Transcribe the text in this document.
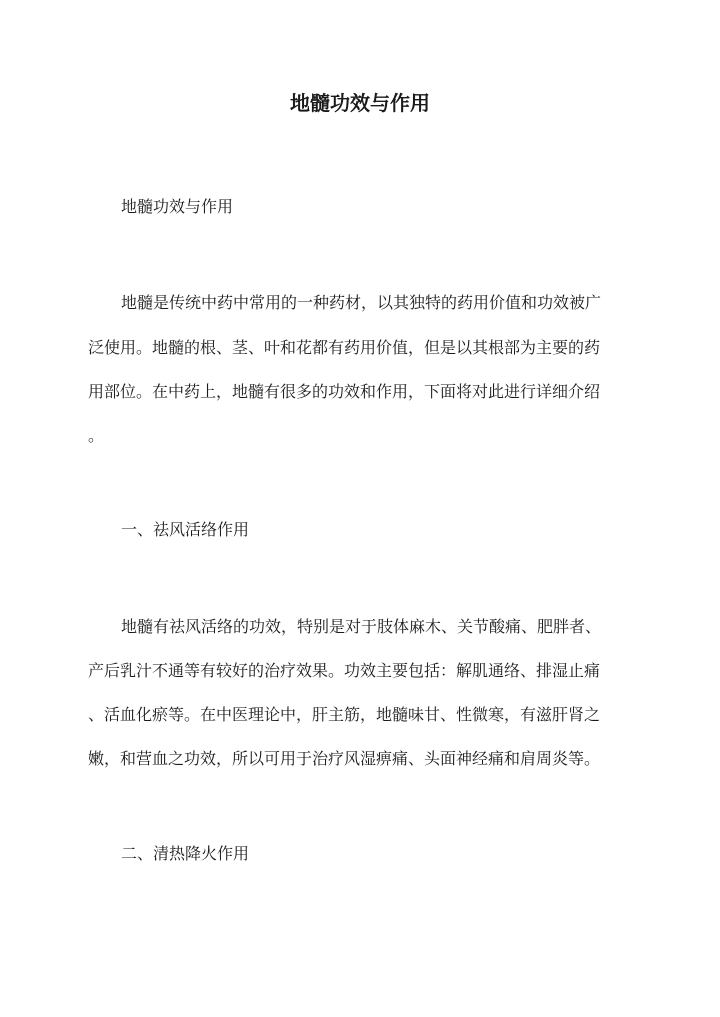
地髓功效与作用
地髓功效与作用
地髓是传统中药中常用的一种药材，以其独特的药用价值和功效被广
泛使用。地髓的根、茎、叶和花都有药用价值，但是以其根部为主要的药
用部位。在中药上，地髓有很多的功效和作用，下面将对此进行详细介绍
。
一、祛风活络作用
地髓有祛风活络的功效，特别是对于肢体麻木、关节酸痛、肥胖者、
产后乳汁不通等有较好的治疗效果。功效主要包括：解肌通络、排湿止痛
、活血化瘀等。在中医理论中，肝主筋，地髓味甘、性微寒，有滋肝肾之
嫩，和营血之功效，所以可用于治疗风湿痹痛、头面神经痛和肩周炎等。
二、清热降火作用
